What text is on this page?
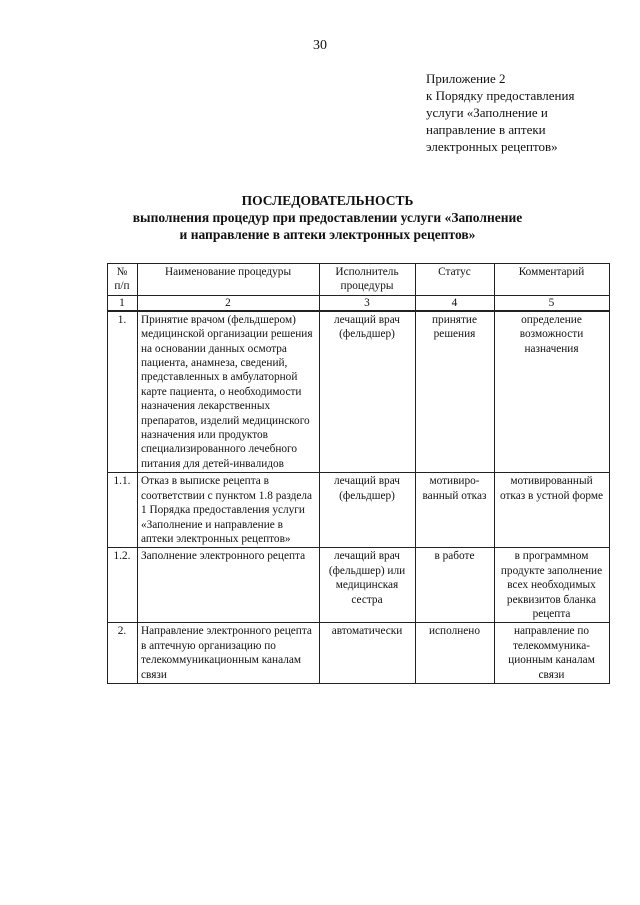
30
Приложение 2
к Порядку предоставления
услуги «Заполнение и
направление в аптеки
электронных рецептов»
ПОСЛЕДОВАТЕЛЬНОСТЬ
выполнения процедур при предоставлении услуги «Заполнение
и направление в аптеки электронных рецептов»
№ п/п	Наименование процедуры	Исполнитель процедуры	Статус	Комментарий
1	2	3	4	5
1.	Принятие врачом (фельдшером) медицинской организации решения на основании данных осмотра пациента, анамнеза, сведений, представленных в амбулаторной карте пациента, о необходимости назначения лекарственных препаратов, изделий медицинского назначения или продуктов специализированного лечебного питания для детей-инвалидов	лечащий врач (фельдшер)	принятие решения	определение возможности назначения
1.1.	Отказ в выписке рецепта в соответствии с пунктом 1.8 раздела 1 Порядка предоставления услуги «Заполнение и направление в аптеки электронных рецептов»	лечащий врач (фельдшер)	мотивиро-ванный отказ	мотивированный отказ в устной форме
1.2.	Заполнение электронного рецепта	лечащий врач (фельдшер) или медицинская сестра	в работе	в программном продукте заполнение всех необходимых реквизитов бланка рецепта
2.	Направление электронного рецепта в аптечную организацию по телекоммуникационным каналам связи	автоматически	исполнено	направление по телекоммуника-ционным каналам связи
